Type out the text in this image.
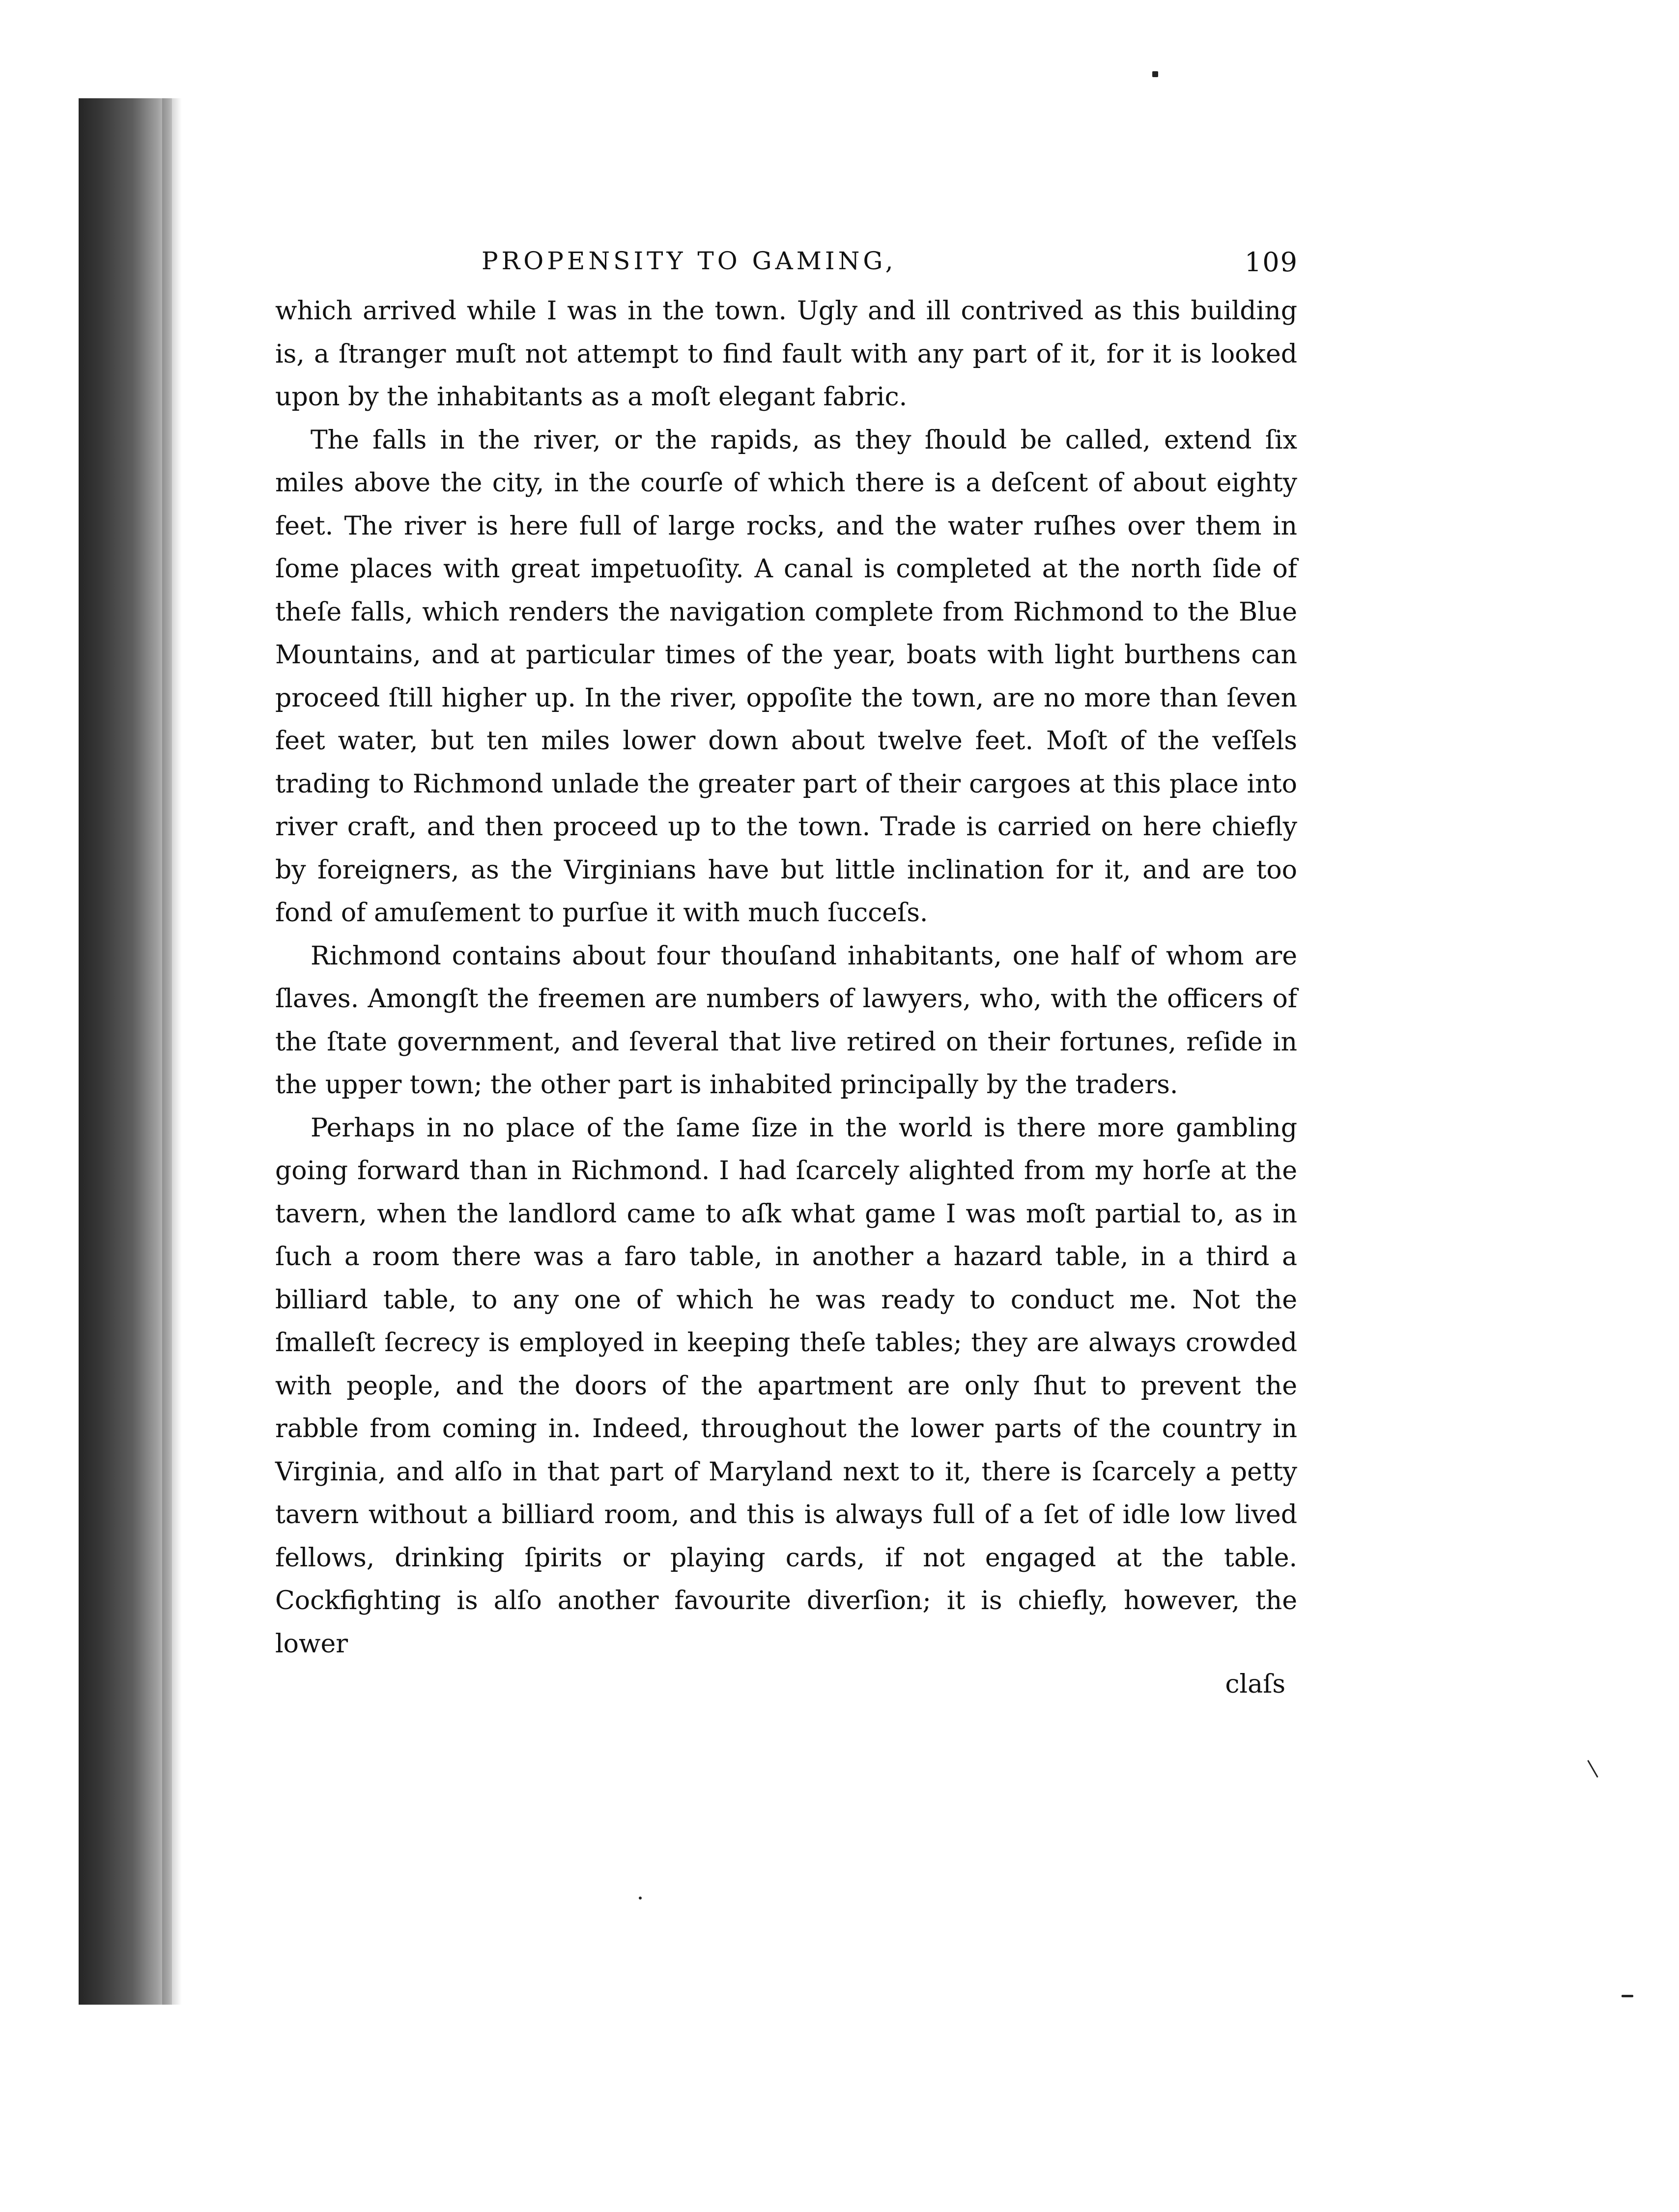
PROPENSITY TO GAMING,	109

which arrived while I was in the town. Ugly and ill contrived as this building is, a ſtranger muſt not attempt to find fault with any part of it, for it is looked upon by the inhabitants as a moſt elegant fabric.

The falls in the river, or the rapids, as they ſhould be called, extend ſix miles above the city, in the courſe of which there is a deſcent of about eighty feet. The river is here full of large rocks, and the water ruſhes over them in ſome places with great impetuoſity. A canal is completed at the north ſide of theſe falls, which renders the navigation complete from Richmond to the Blue Mountains, and at particular times of the year, boats with light burthens can proceed ſtill higher up. In the river, oppoſite the town, are no more than ſeven feet water, but ten miles lower down about twelve feet. Moſt of the veſſels trading to Richmond unlade the greater part of their cargoes at this place into river craft, and then proceed up to the town. Trade is carried on here chiefly by foreigners, as the Virginians have but little inclination for it, and are too fond of amuſement to purſue it with much ſucceſs.

Richmond contains about four thouſand inhabitants, one half of whom are ſlaves. Amongſt the freemen are numbers of lawyers, who, with the officers of the ſtate government, and ſeveral that live retired on their fortunes, reſide in the upper town; the other part is inhabited principally by the traders.

Perhaps in no place of the ſame ſize in the world is there more gambling going forward than in Richmond. I had ſcarcely alighted from my horſe at the tavern, when the landlord came to aſk what game I was moſt partial to, as in ſuch a room there was a faro table, in another a hazard table, in a third a billiard table, to any one of which he was ready to conduct me. Not the ſmalleſt ſecrecy is employed in keeping theſe tables; they are always crowded with people, and the doors of the apartment are only ſhut to prevent the rabble from coming in. Indeed, throughout the lower parts of the country in Virginia, and alſo in that part of Maryland next to it, there is ſcarcely a petty tavern without a billiard room, and this is always full of a ſet of idle low lived fellows, drinking ſpirits or playing cards, if not engaged at the table. Cockfighting is alſo another favourite diverſion; it is chiefly, however, the lower

claſs
